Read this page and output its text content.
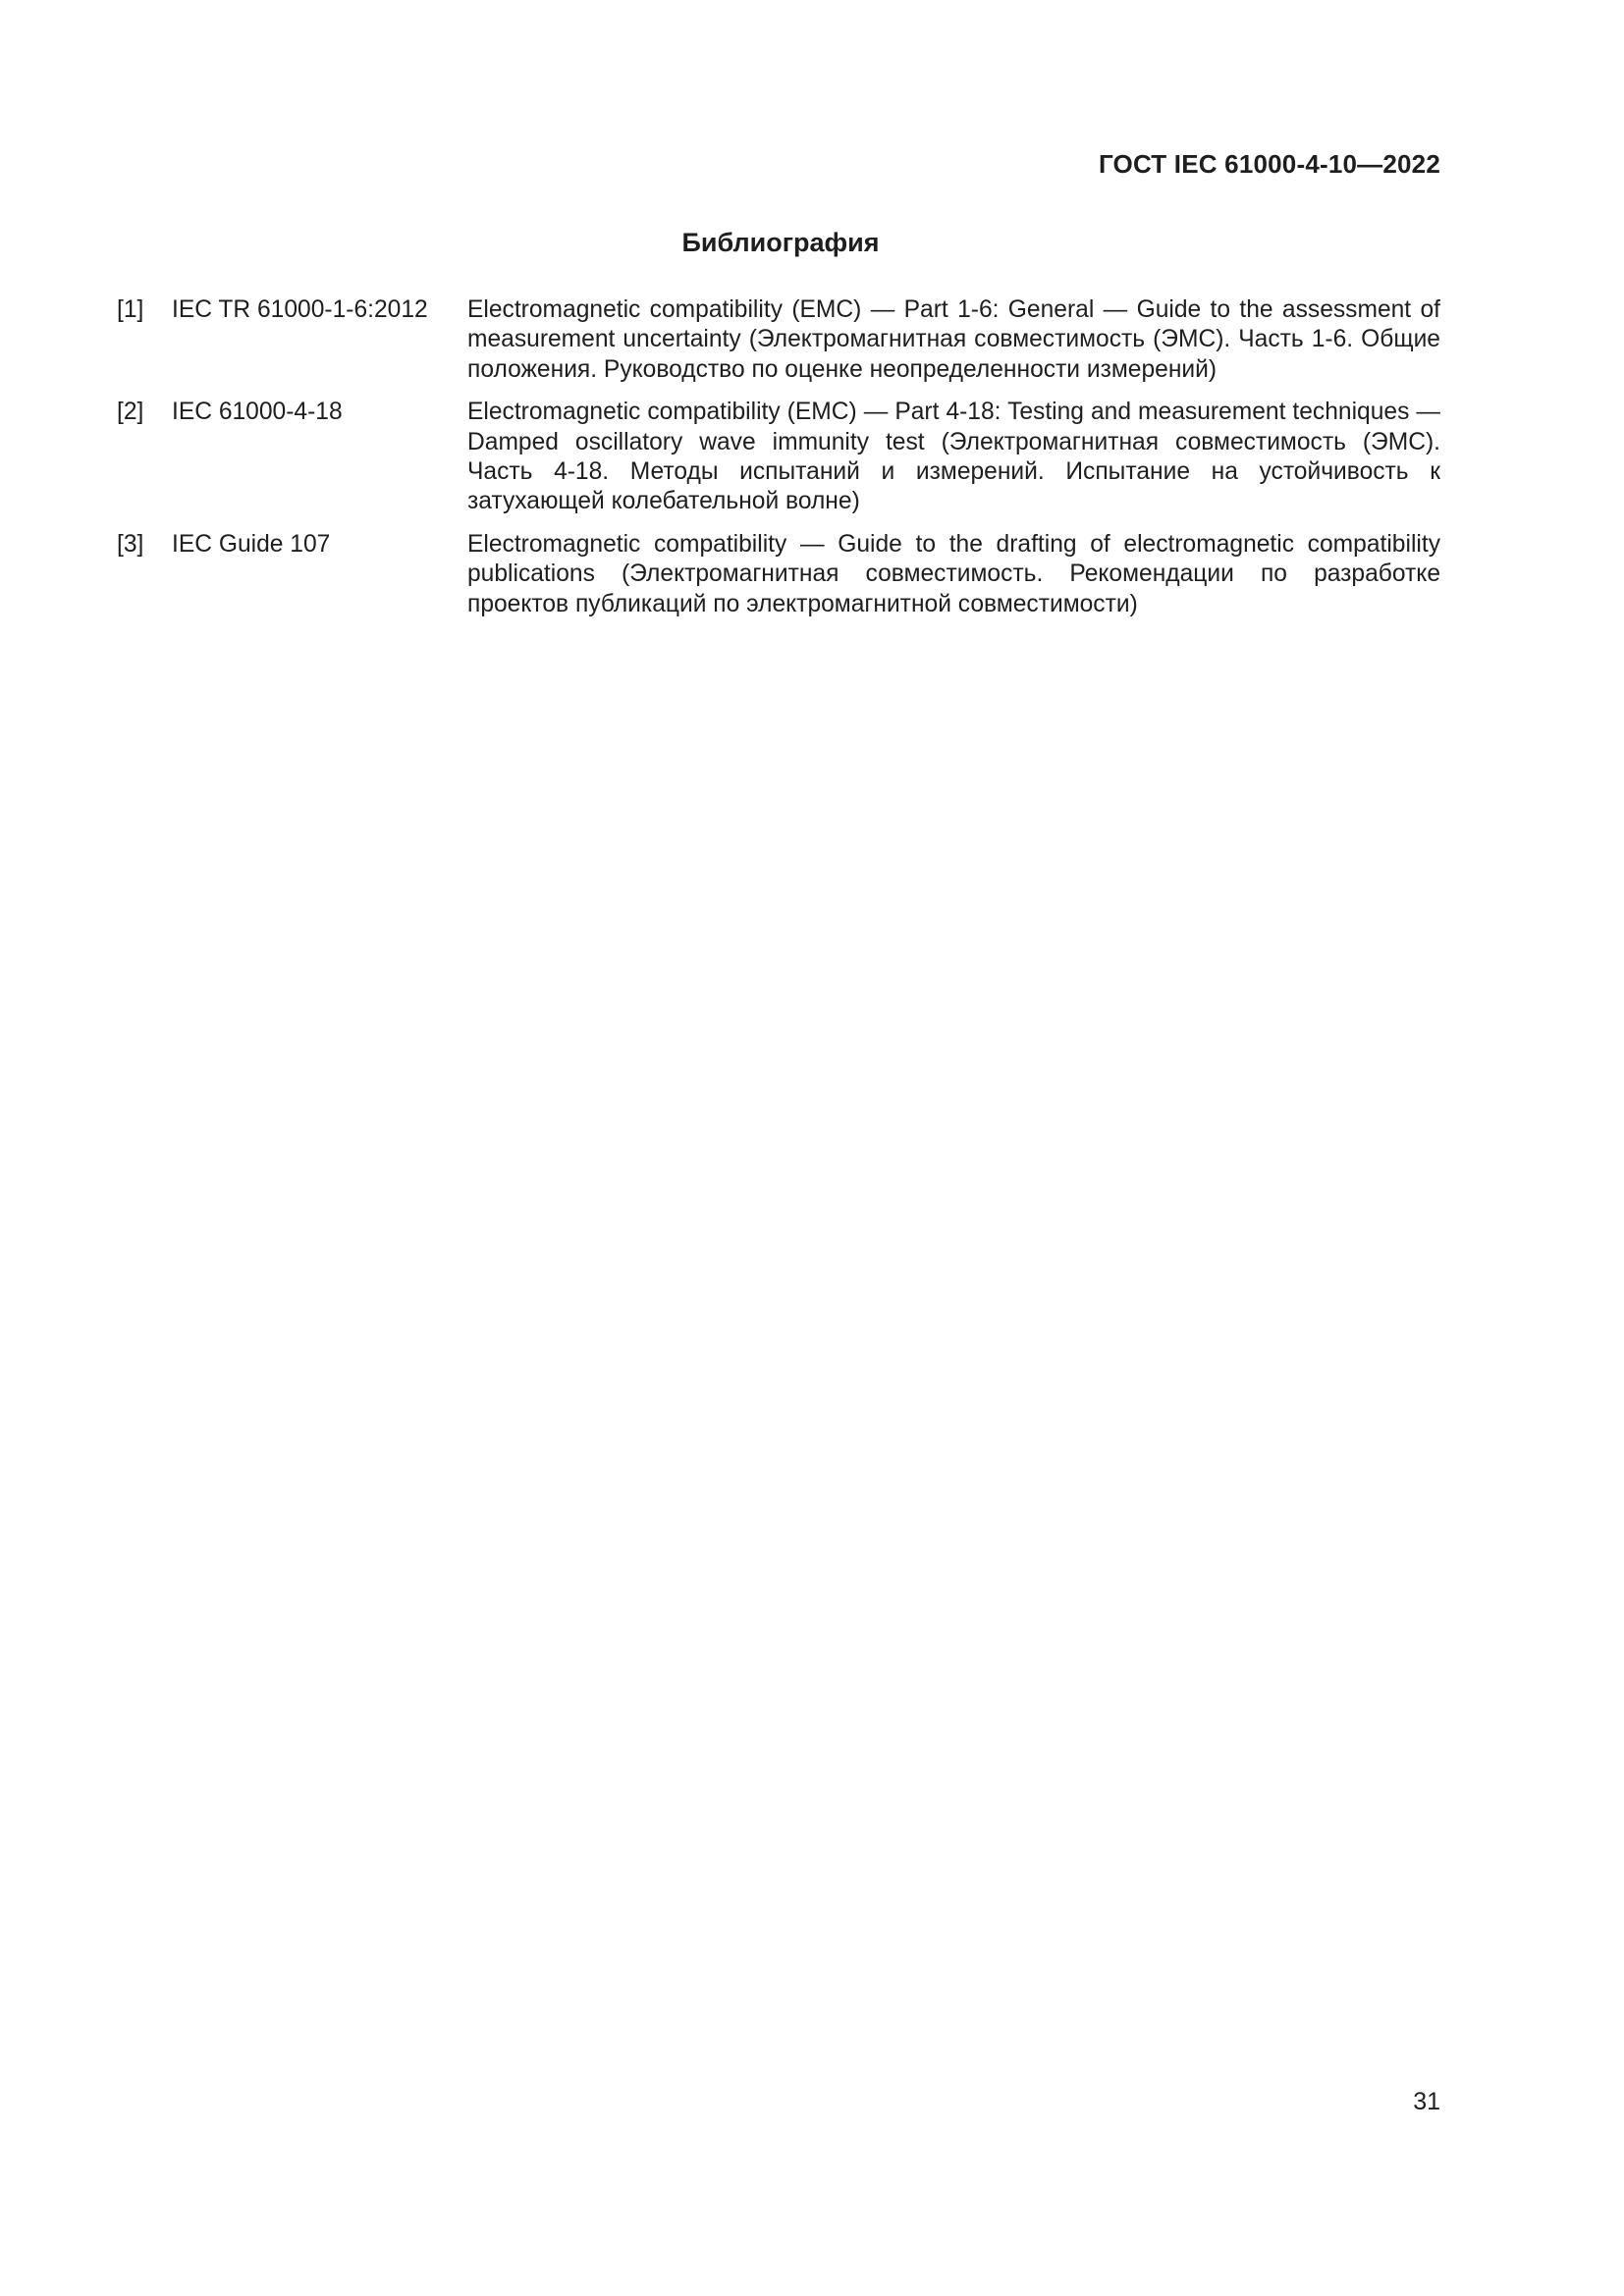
ГОСТ IEC 61000-4-10—2022
Библиография
[1]	IEC TR 61000-1-6:2012	Electromagnetic compatibility (EMC) — Part 1-6: General — Guide to the assessment of measurement uncertainty (Электромагнитная совместимость (ЭМС). Часть 1-6. Общие положения. Руководство по оценке неопределенности измерений)
[2]	IEC 61000-4-18	Electromagnetic compatibility (EMC) — Part 4-18: Testing and measurement techniques — Damped oscillatory wave immunity test (Электромагнитная совместимость (ЭМС). Часть 4-18. Методы испытаний и измерений. Испытание на устойчивость к затухающей колебательной волне)
[3]	IEC Guide 107	Electromagnetic compatibility — Guide to the drafting of electromagnetic compatibility publications (Электромагнитная совместимость. Рекомендации по разработке проектов публикаций по электромагнитной совместимости)
31
